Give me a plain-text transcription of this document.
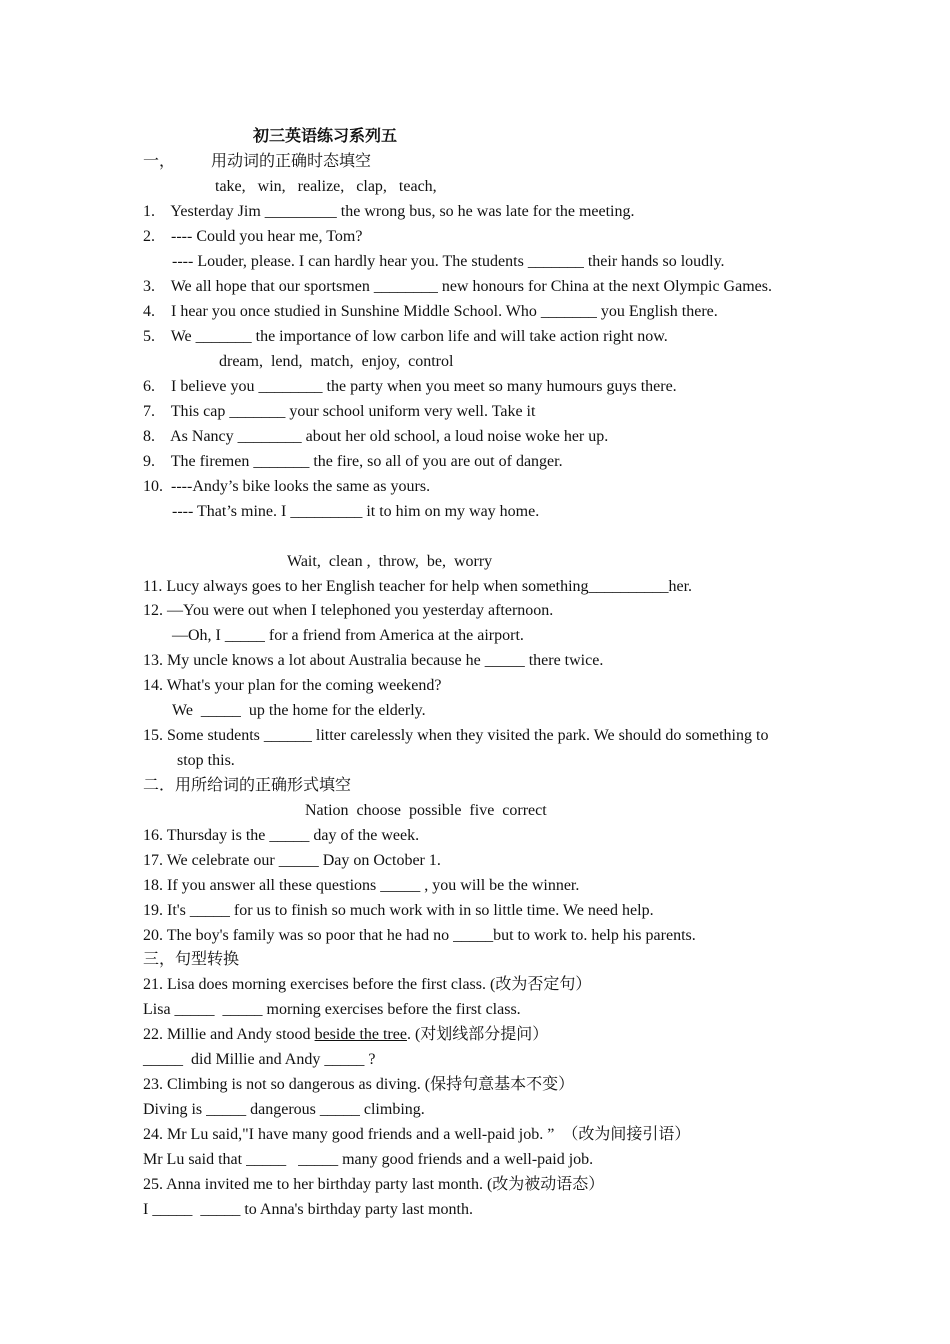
初三英语练习系列五
一， 用动词的正确时态填空
take,   win,   realize,   clap,   teach,
1.    Yesterday Jim _________ the wrong bus, so he was late for the meeting.
2.    ---- Could you hear me, Tom?
---- Louder, please. I can hardly hear you. The students _______ their hands so loudly.
3.    We all hope that our sportsmen ________ new honours for China at the next Olympic Games.
4.    I hear you once studied in Sunshine Middle School. Who _______ you English there.
5.    We _______ the importance of low carbon life and will take action right now.
dream,  lend,  match,  enjoy,  control
6.    I believe you ________ the party when you meet so many humours guys there.
7.    This cap _______ your school uniform very well. Take it
8.    As Nancy ________ about her old school, a loud noise woke her up.
9.    The firemen _______ the fire, so all of you are out of danger.
10.  ----Andy’s bike looks the same as yours.
---- That’s mine. I _________ it to him on my way home.
Wait,  clean ,  throw,  be,  worry
11. Lucy always goes to her English teacher for help when something__________her.
12. —You were out when I telephoned you yesterday afternoon.
—Oh, I _____ for a friend from America at the airport.
13. My uncle knows a lot about Australia because he _____ there twice.
14. What's your plan for the coming weekend?
We  _____  up the home for the elderly.
15. Some students ______ litter carelessly when they visited the park. We should do something to
stop this.
二．用所给词的正确形式填空
Nation  choose  possible  five  correct
16. Thursday is the _____ day of the week.
17. We celebrate our _____ Day on October 1.
18. If you answer all these questions _____ , you will be the winner.
19. It's _____ for us to finish so much work with in so little time. We need help.
20. The boy's family was so poor that he had no _____but to work to. help his parents.
三，句型转换
21. Lisa does morning exercises before the first class. (改为否定句）
Lisa _____  _____ morning exercises before the first class.
22. Millie and Andy stood beside the tree. (对划线部分提问）
_____  did Millie and Andy _____ ?
23. Climbing is not so dangerous as diving. (保持句意基本不变）
Diving is _____ dangerous _____ climbing.
24. Mr Lu said,"I have many good friends and a well-paid job. ”  （改为间接引语）
Mr Lu said that _____   _____ many good friends and a well-paid job.
25. Anna invited me to her birthday party last month. (改为被动语态）
I _____  _____ to Anna's birthday party last month.
